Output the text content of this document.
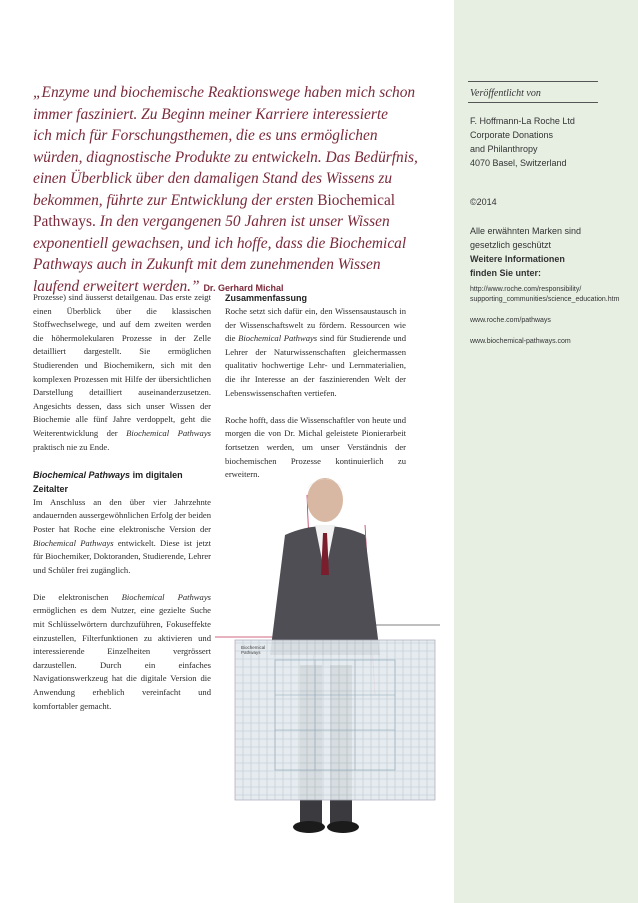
Veröffentlicht von
F. Hoffmann-La Roche Ltd
Corporate Donations
and Philanthropy
4070 Basel, Switzerland
©2014
Alle erwähnten Marken sind
gesetzlich geschützt
Weitere Informationen
finden Sie unter:
http://www.roche.com/responsibility/
supporting_communities/science_education.htm
www.roche.com/pathways
www.biochemical-pathways.com
„Enzyme und biochemische Reaktionswege haben mich schon
immer fasziniert. Zu Beginn meiner Karriere interessierte
ich mich für Forschungsthemen, die es uns ermöglichen
würden, diagnostische Produkte zu entwickeln. Das Bedürfnis,
einen Überblick über den damaligen Stand des Wissens zu
bekommen, führte zur Entwicklung der ersten Biochemical
Pathways. In den vergangenen 50 Jahren ist unser Wissen
exponentiell gewachsen, und ich hoffe, dass die Biochemical
Pathways auch in Zukunft mit dem zunehmenden Wissen
laufend erweitert werden.” Dr. Gerhard Michal

Prozesse) sind äusserst detailgenau. Das erste zeigt einen Überblick über die klassischen Stoffwechselwege, und auf dem zweiten werden die höhermolekularen Prozesse in der Zelle detailliert dargestellt. Sie ermöglichen Studierenden und Biochemikern, sich mit den komplexen Prozessen mit Hilfe der übersichtlichen Darstellung detailliert auseinanderzusetzen. Angesichts dessen, dass sich unser Wissen der Biochemie alle fünf Jahre verdoppelt, geht die Weiterentwicklung der Biochemical Pathways praktisch nie zu Ende.

Biochemical Pathways im digitalen Zeitalter

Im Anschluss an den über vier Jahrzehnte andauernden aussergewöhnlichen Erfolg der beiden Poster hat Roche eine elektronische Version der Biochemical Pathways entwickelt. Diese ist jetzt für Biochemiker, Doktoranden, Studierende, Lehrer und Schüler frei zugänglich.

Die elektronischen Biochemical Pathways ermöglichen es dem Nutzer, eine gezielte Suche mit Schlüsselwörtern durchzuführen, Fokuseffekte einzustellen, Filterfunktionen zu aktivieren und interessierende Einzelheiten vergrössert darzustellen. Durch ein einfaches Navigationswerkzeug hat die digitale Version die Anwendung erheblich vereinfacht und komfortabler gemacht.

Zusammenfassung

Roche setzt sich dafür ein, den Wissensaustausch in der Wissenschaftswelt zu fördern. Ressourcen wie die Biochemical Pathways sind für Studierende und Lehrer der Naturwissenschaften gleichermassen qualitativ hochwertige Lehr- und Lernmaterialien, die ihr Interesse an der faszinierenden Welt der Lebenswissenschaften vertiefen.

Roche hofft, dass die Wissenschaftler von heute und morgen die von Dr. Michal geleistete Pionierarbeit fortsetzen werden, um unser Verständnis der biochemischen Prozesse kontinuierlich zu erweitern.

Biochemical
Pathways
